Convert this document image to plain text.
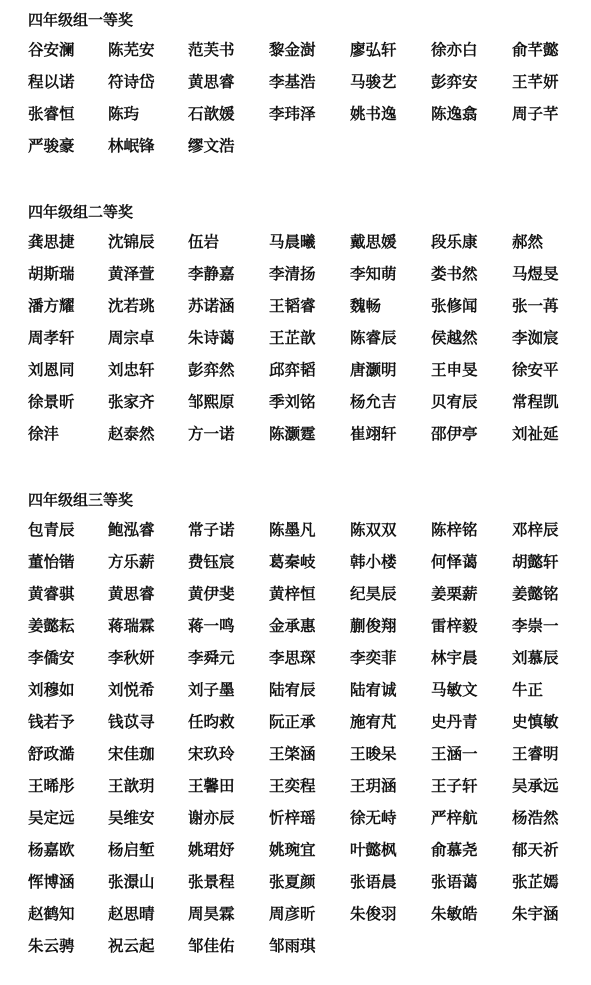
四年级组一等奖
谷安澜 陈芜安 范芙书 黎金澍 廖弘轩 徐亦白 俞芊懿
程以诺 符诗岱 黄思睿 李基浩 马骏艺 彭弈安 王芊妍
张睿恒 陈玙	石歆媛 李玮泽 姚书逸 陈逸翕 周子芊
严骏豪 林岷锋 缪文浩
四年级组二等奖
龚思捷 沈锦辰 伍岩	马晨曦 戴思媛 段乐康 郝然
胡斯瑞 黄泽萱 李静嘉 李清扬 李知萌 娄书然 马煜旻
潘方耀 沈若珧 苏诺涵 王韬睿 魏畅	张修闻 张一苒
周孝轩 周宗卓 朱诗蔼 王芷歆 陈睿辰 侯越然 李洳宸
刘恩同 刘忠轩 彭弈然 邱弈韬 唐灏明 王申旻 徐安平
徐景昕 张家齐 邹熙原 季刘铭 杨允吉 贝宥辰 常程凯
徐沣	赵泰然 方一诺 陈灏霆 崔翊轩 邵伊亭 刘祉延
四年级组三等奖
包青辰 鲍泓睿 常子诺 陈墨凡 陈双双 陈梓铭 邓梓辰
董怡锴 方乐薪 费钰宸 葛秦岐 韩小楼 何怿蔼 胡懿轩
黄睿骐 黄思睿 黄伊斐 黄梓恒 纪昊辰 姜栗薪 姜懿铭
姜懿耘 蒋瑞霖 蒋一鸣 金承惠 蒯俊翔 雷梓毅 李崇一
李僑安 李秋妍 李舜元 李思琛 李奕菲 林宇晨 刘慕辰
刘穆如 刘悦希 刘子墨 陆宥辰 陆宥诚 马敏文 牛正
钱若予 钱苡寻 任昀救 阮正承 施宥芃 史丹青 史慎敏
舒政澔 宋佳珈 宋玖玲 王棨涵 王晙呆 王涵一 王睿明
王晞彤 王歆玥 王馨田 王奕程 王玥涵 王子轩 吴承远
吴定远 吴维安 谢亦辰 忻梓瑶 徐无峙 严梓航 杨浩然
杨嘉欧 杨启堑 姚珺妤 姚琬宜 叶懿枫 俞慕尧 郁天祈
恽博涵 张澋山 张景程 张夏颜 张语晨 张语蔼 张芷嫣
赵鹤知 赵思晴 周昊霖 周彦昕 朱俊羽 朱敏皓 朱宇涵
朱云骋 祝云起 邹佳佑 邹雨琪
